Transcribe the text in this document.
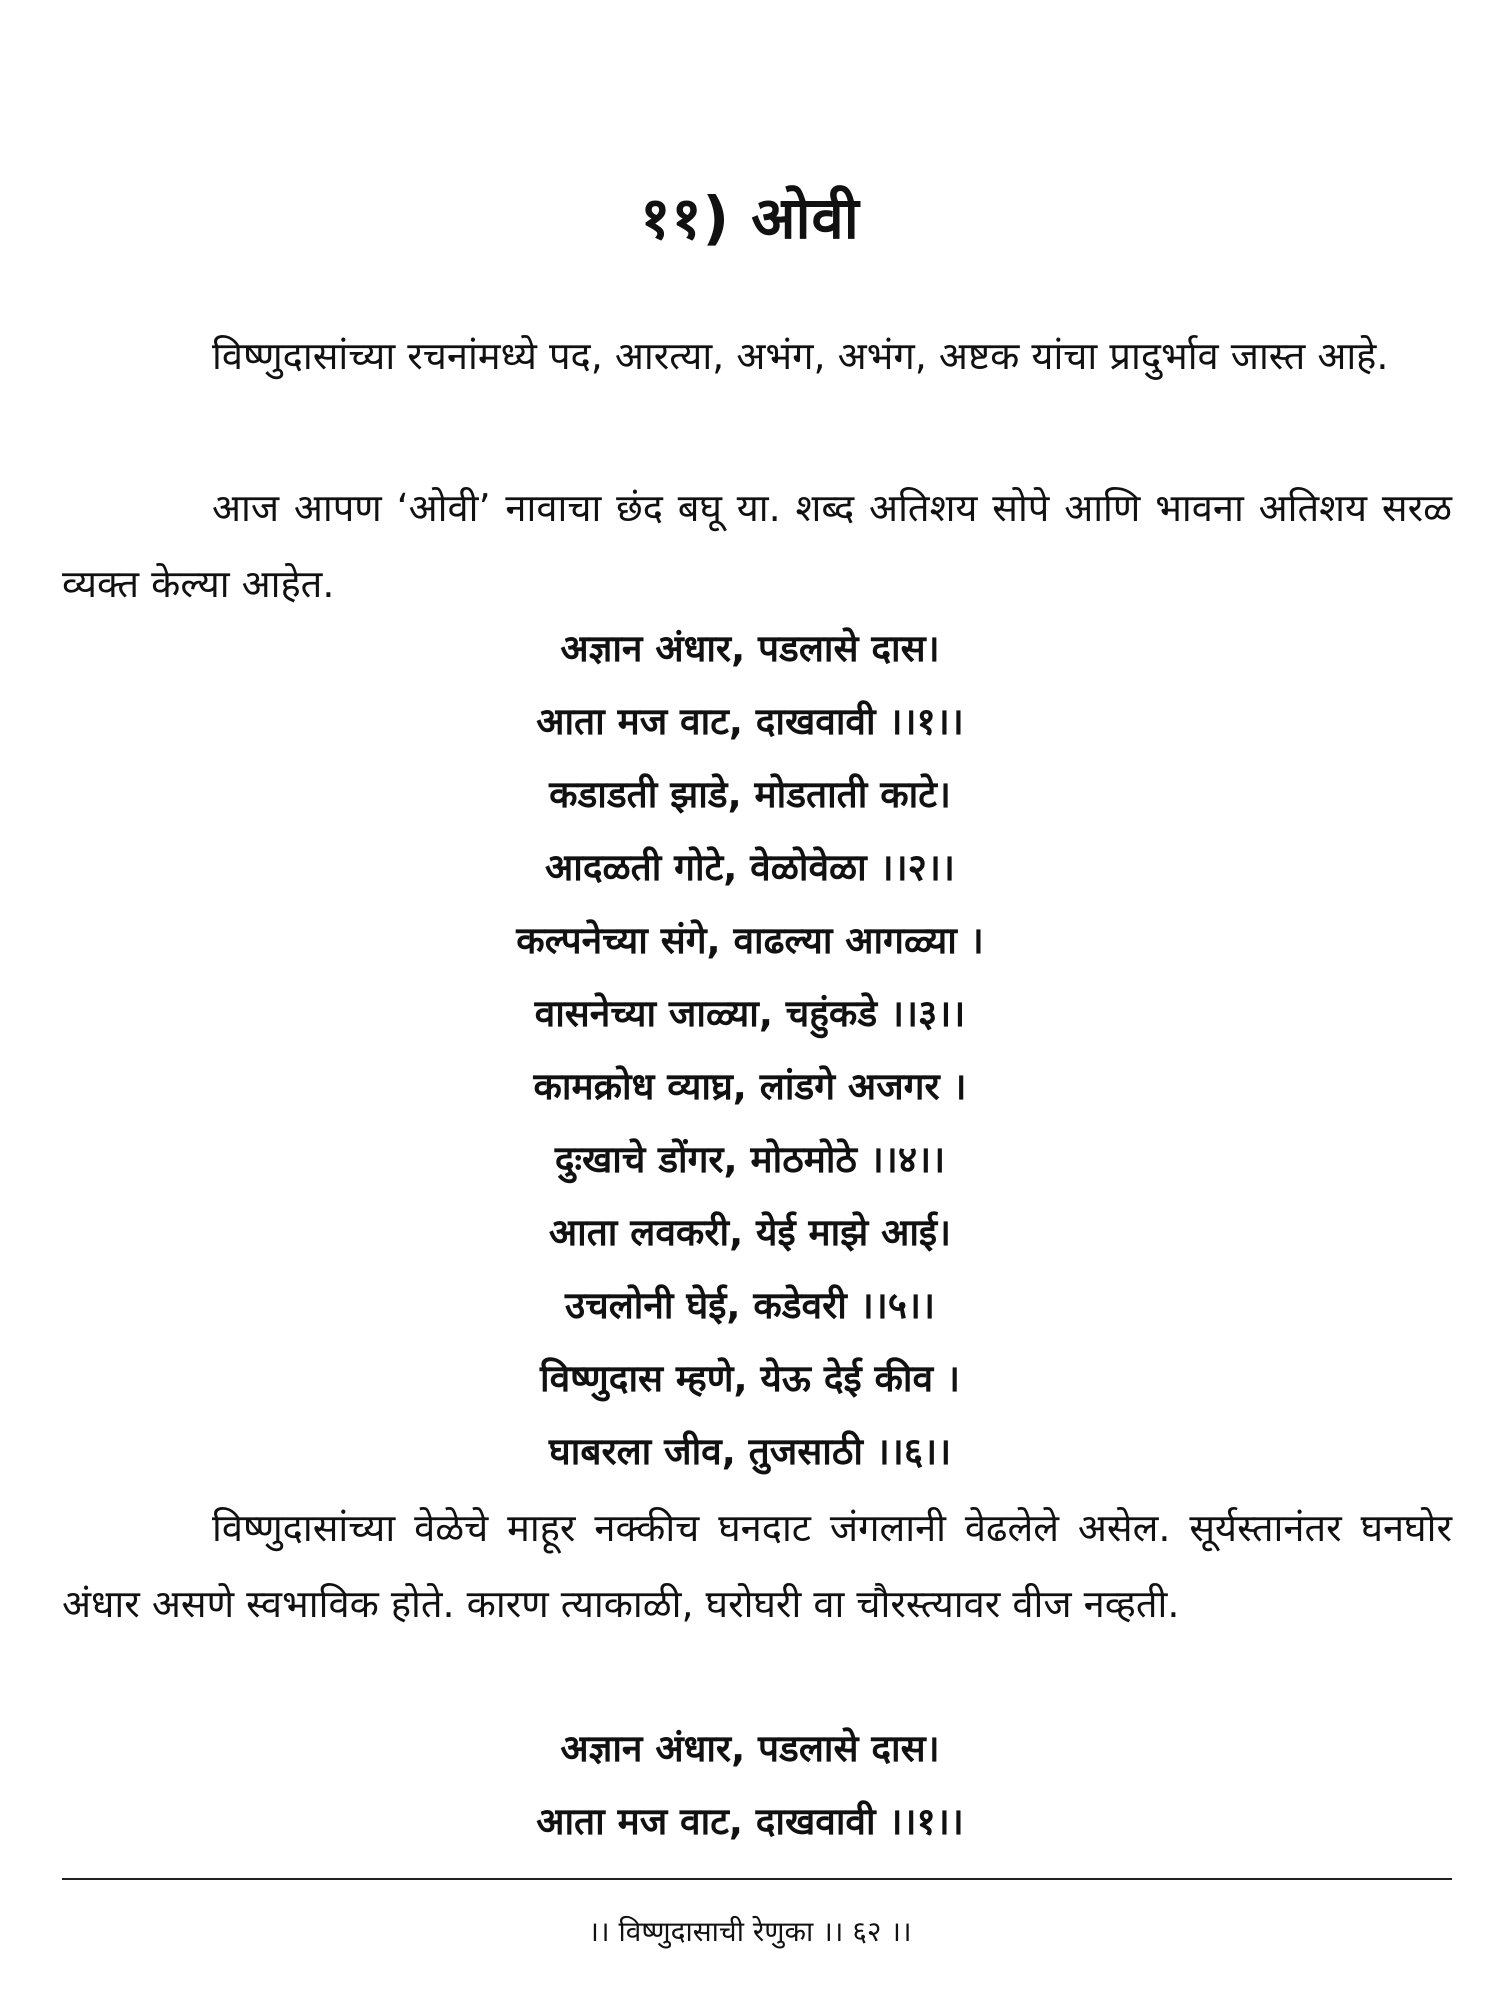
११) ओवी

विष्णुदासांच्या रचनांमध्ये पद, आरत्या, अभंग, अभंग, अष्टक यांचा प्रादुर्भाव जास्त आहे.

आज आपण ‘ओवी’ नावाचा छंद बघू या. शब्द अतिशय सोपे आणि भावना अतिशय सरळ व्यक्त केल्या आहेत.

अज्ञान अंधार, पडलासे दास।
आता मज वाट, दाखवावी ।।१।।
कडाडती झाडे, मोडताती काटे।
आदळती गोटे, वेळोवेळा ।।२।।
कल्पनेच्या संगे, वाढल्या आगळ्या ।
वासनेच्या जाळ्या, चहुंकडे ।।३।।
कामक्रोध व्याघ्र, लांडगे अजगर ।
दुःखाचे डोंगर, मोठमोठे ।।४।।
आता लवकरी, येई माझे आई।
उचलोनी घेई, कडेवरी ।।५।।
विष्णुदास म्हणे, येऊ देई कीव ।
घाबरला जीव, तुजसाठी ।।६।।

विष्णुदासांच्या वेळेचे माहूर नक्कीच घनदाट जंगलानी वेढलेले असेल. सूर्यस्तानंतर घनघोर अंधार असणे स्वभाविक होते. कारण त्याकाळी, घरोघरी वा चौरस्त्यावर वीज नव्हती.

अज्ञान अंधार, पडलासे दास।
आता मज वाट, दाखवावी ।।१।।
।। विष्णुदासाची रेणुका ।। ६२ ।।
